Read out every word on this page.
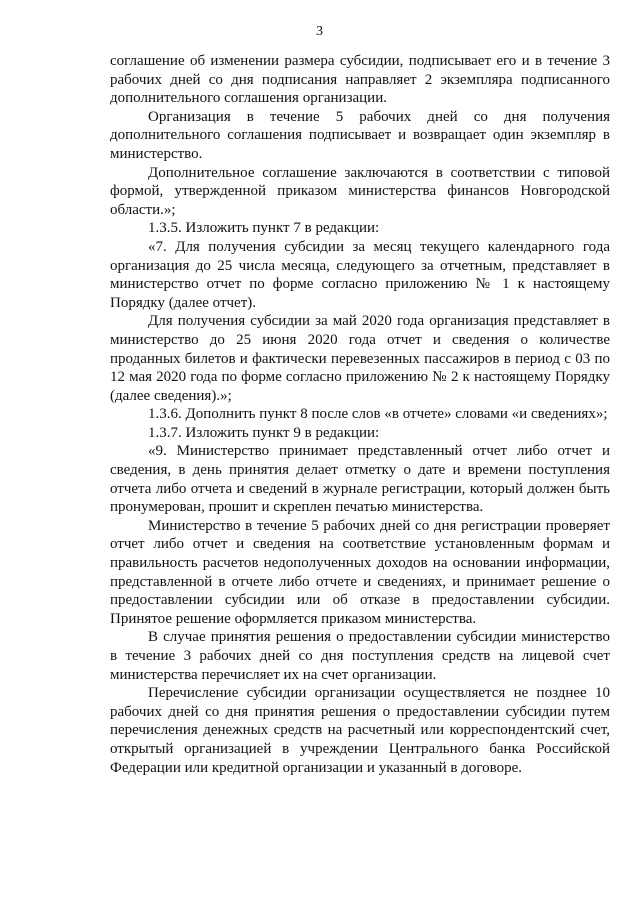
3

соглашение об изменении размера субсидии, подписывает его и в течение 3 рабочих дней со дня подписания направляет 2 экземпляра подписанного дополнительного соглашения организации.

Организация в течение 5 рабочих дней со дня получения дополнительного соглашения подписывает и возвращает один экземпляр в министерство.

Дополнительное соглашение заключаются в соответствии с типовой формой, утвержденной приказом министерства финансов Новгородской области.»;

1.3.5. Изложить пункт 7 в редакции:

«7. Для получения субсидии за месяц текущего календарного года организация до 25 числа месяца, следующего за отчетным, представляет в министерство отчет по форме согласно приложению № 1 к настоящему Порядку (далее отчет).

Для получения субсидии за май 2020 года организация представляет в министерство до 25 июня 2020 года отчет и сведения о количестве проданных билетов и фактически перевезенных пассажиров в период с 03 по 12 мая 2020 года по форме согласно приложению № 2 к настоящему Порядку (далее сведения).»;

1.3.6. Дополнить пункт 8 после слов «в отчете» словами «и сведениях»;

1.3.7. Изложить пункт 9 в редакции:

«9. Министерство принимает представленный отчет либо отчет и сведения, в день принятия делает отметку о дате и времени поступления отчета либо отчета и сведений в журнале регистрации, который должен быть пронумерован, прошит и скреплен печатью министерства.

Министерство в течение 5 рабочих дней со дня регистрации проверяет отчет либо отчет и сведения на соответствие установленным формам и правильность расчетов недополученных доходов на основании информации, представленной в отчете либо отчете и сведениях, и принимает решение о предоставлении субсидии или об отказе в предоставлении субсидии. Принятое решение оформляется приказом министерства.

В случае принятия решения о предоставлении субсидии министерство в течение 3 рабочих дней со дня поступления средств на лицевой счет министерства перечисляет их на счет организации.

Перечисление субсидии организации осуществляется не позднее 10 рабочих дней со дня принятия решения о предоставлении субсидии путем перечисления денежных средств на расчетный или корреспондентский счет, открытый организацией в учреждении Центрального банка Российской Федерации или кредитной организации и указанный в договоре.
